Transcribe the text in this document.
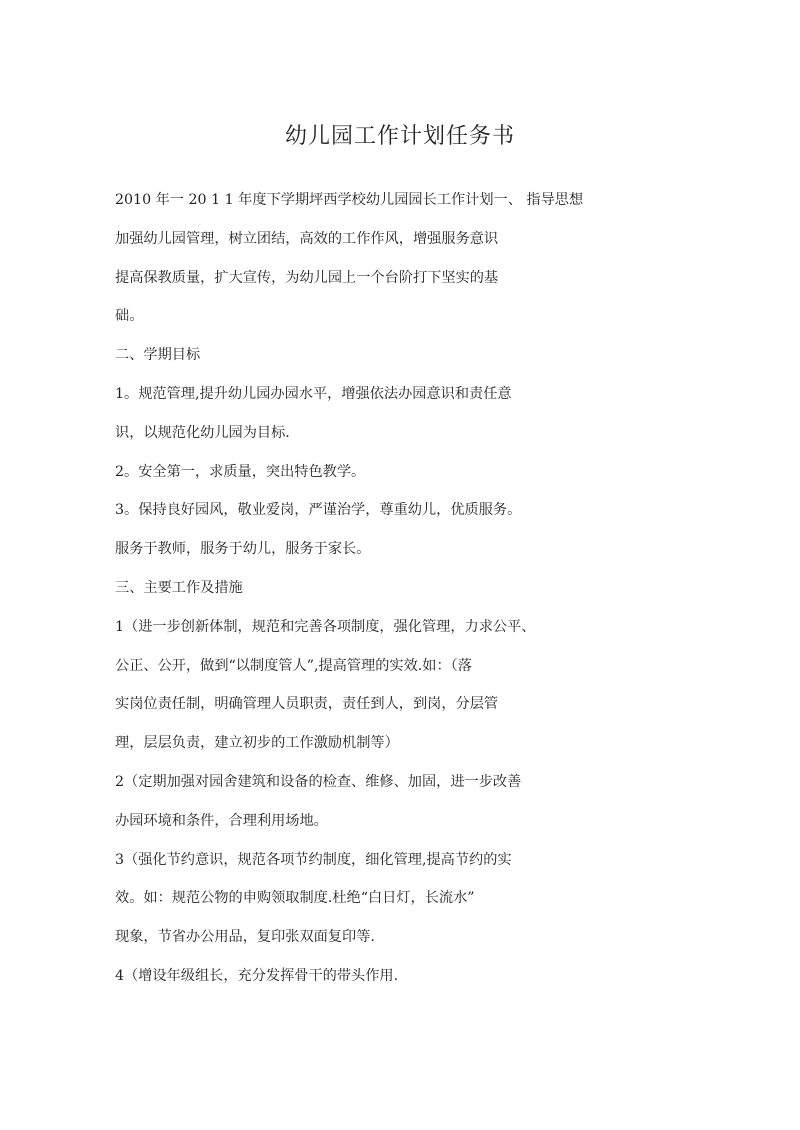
幼儿园工作计划任务书
2010 年一 20 1 1 年度下学期坪西学校幼儿园园长工作计划一、 指导思想
加强幼儿园管理，树立团结，高效的工作作风，增强服务意识
提高保教质量，扩大宣传，为幼儿园上一个台阶打下坚实的基
础。
二、学期目标
1。规范管理,提升幼儿园办园水平，增强依法办园意识和责任意
识，以规范化幼儿园为目标.
2。安全第一，求质量，突出特色教学。
3。保持良好园风，敬业爱岗，严谨治学，尊重幼儿，优质服务。
服务于教师，服务于幼儿，服务于家长。
三、主要工作及措施
1（进一步创新体制，规范和完善各项制度，强化管理，力求公平、
公正、公开，做到“以制度管人”,提高管理的实效.如：（落
实岗位责任制，明确管理人员职责，责任到人，到岗，分层管
理，层层负责，建立初步的工作激励机制等）
2（定期加强对园舍建筑和设备的检查、维修、加固，进一步改善
办园环境和条件，合理利用场地。
3（强化节约意识，规范各项节约制度，细化管理,提高节约的实
效。如：规范公物的申购领取制度.杜绝“白日灯，长流水”
现象，节省办公用品，复印张双面复印等.
4（增设年级组长，充分发挥骨干的带头作用.
